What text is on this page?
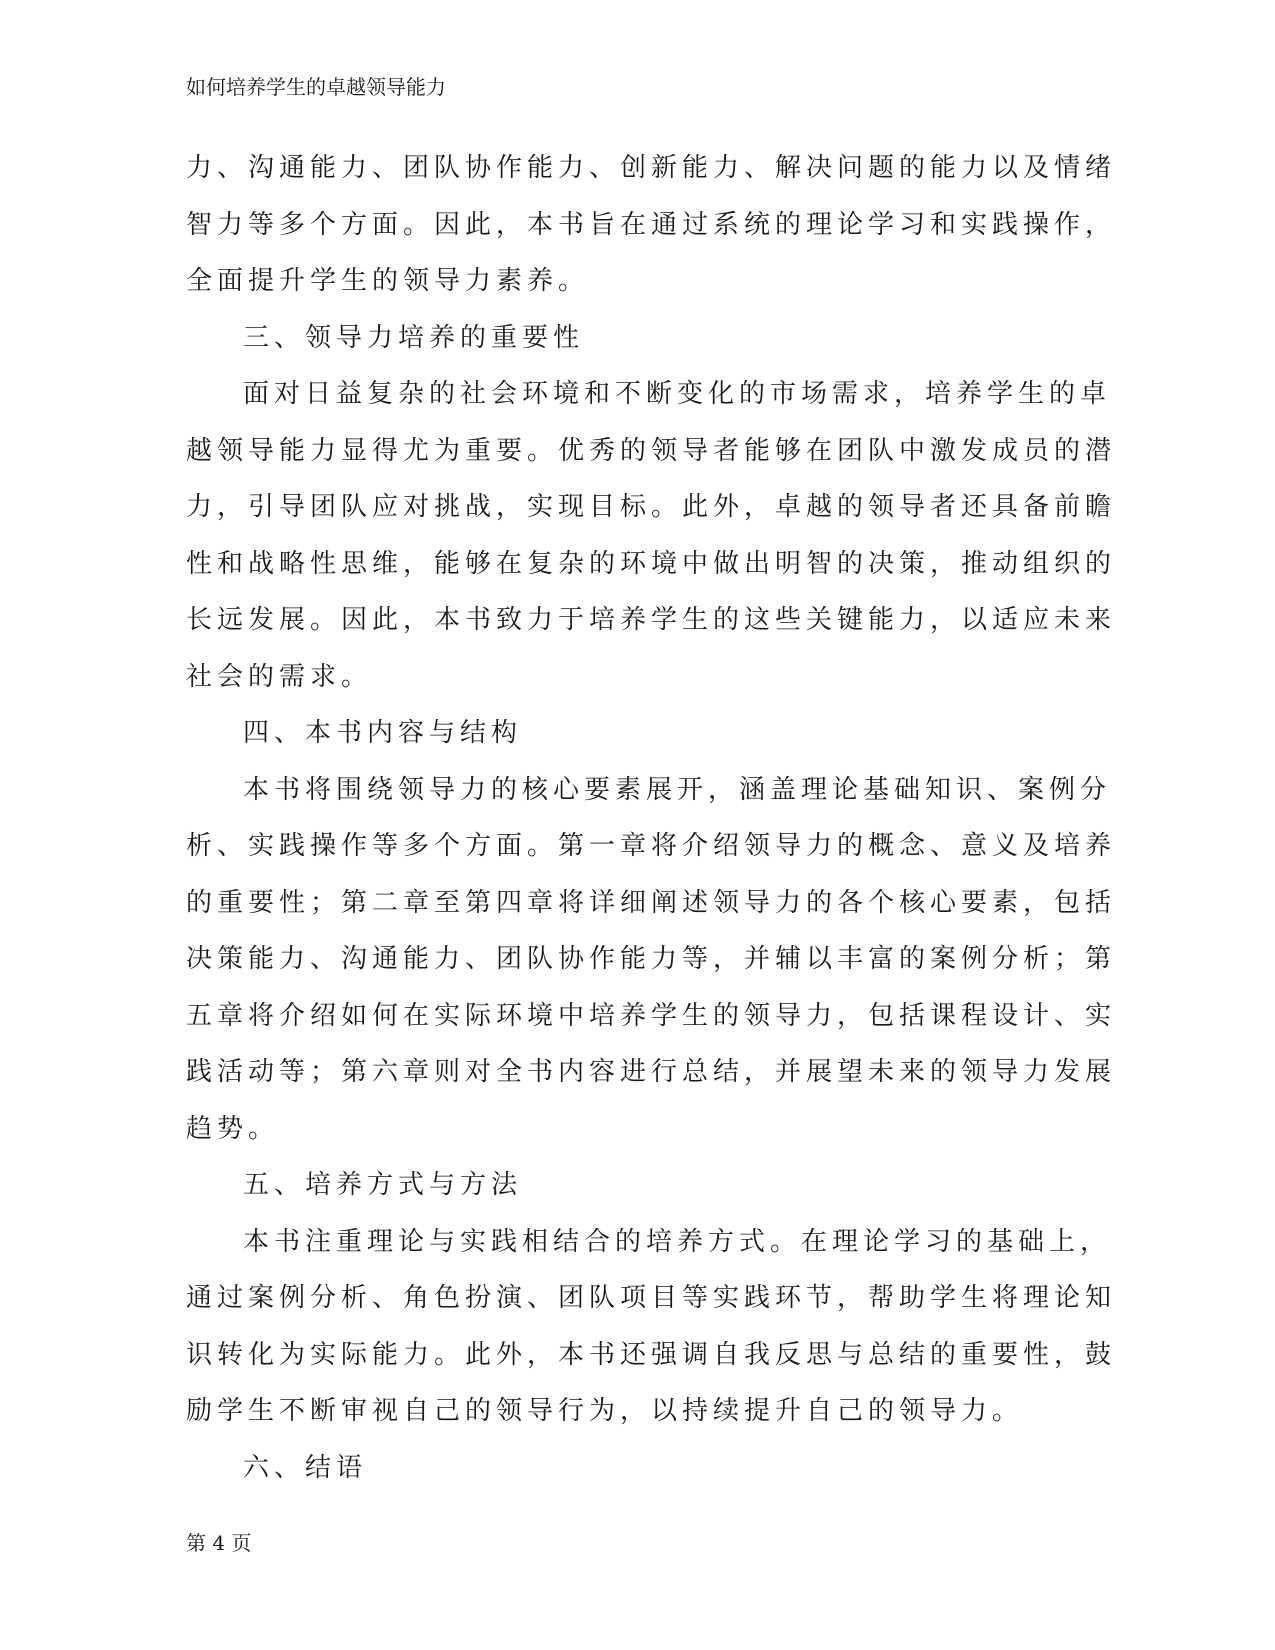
如何培养学生的卓越领导能力
力、沟通能力、团队协作能力、创新能力、解决问题的能力以及情绪
智力等多个方面。因此，本书旨在通过系统的理论学习和实践操作，
全面提升学生的领导力素养。
三、领导力培养的重要性
面对日益复杂的社会环境和不断变化的市场需求，培养学生的卓
越领导能力显得尤为重要。优秀的领导者能够在团队中激发成员的潜
力，引导团队应对挑战，实现目标。此外，卓越的领导者还具备前瞻
性和战略性思维，能够在复杂的环境中做出明智的决策，推动组织的
长远发展。因此，本书致力于培养学生的这些关键能力，以适应未来
社会的需求。
四、本书内容与结构
本书将围绕领导力的核心要素展开，涵盖理论基础知识、案例分
析、实践操作等多个方面。第一章将介绍领导力的概念、意义及培养
的重要性；第二章至第四章将详细阐述领导力的各个核心要素，包括
决策能力、沟通能力、团队协作能力等，并辅以丰富的案例分析；第
五章将介绍如何在实际环境中培养学生的领导力，包括课程设计、实
践活动等；第六章则对全书内容进行总结，并展望未来的领导力发展
趋势。
五、培养方式与方法
本书注重理论与实践相结合的培养方式。在理论学习的基础上，
通过案例分析、角色扮演、团队项目等实践环节，帮助学生将理论知
识转化为实际能力。此外，本书还强调自我反思与总结的重要性，鼓
励学生不断审视自己的领导行为，以持续提升自己的领导力。
六、结语
第 4 页
